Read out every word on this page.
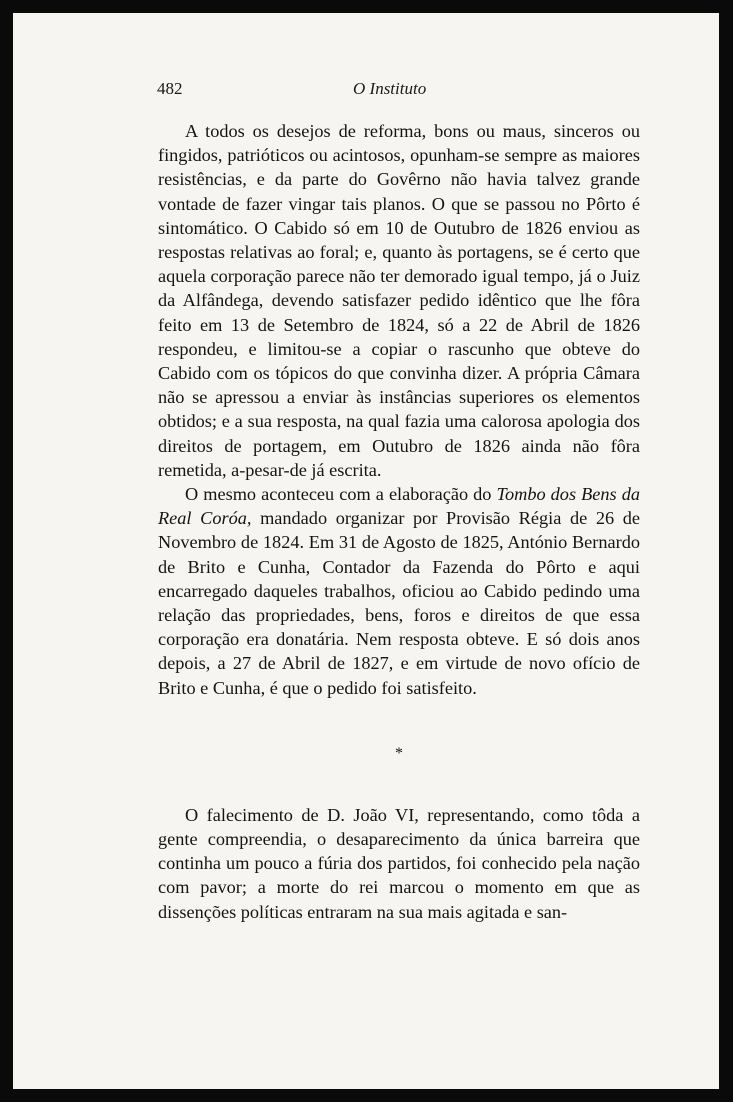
482	O Instituto

A todos os desejos de reforma, bons ou maus, sinceros ou fingidos, patrióticos ou acintosos, opunham-se sempre as maiores resistências, e da parte do Govêrno não havia talvez grande vontade de fazer vingar tais planos. O que se passou no Pôrto é sintomático. O Cabido só em 10 de Outubro de 1826 enviou as respostas relativas ao foral; e, quanto às portagens, se é certo que aquela corporação parece não ter demorado igual tempo, já o Juiz da Alfândega, devendo satisfazer pedido idêntico que lhe fôra feito em 13 de Setembro de 1824, só a 22 de Abril de 1826 respondeu, e limitou-se a copiar o rascunho que obteve do Cabido com os tópicos do que convinha dizer. A própria Câmara não se apressou a enviar às instâncias superiores os elementos obtidos; e a sua resposta, na qual fazia uma calorosa apologia dos direitos de portagem, em Outubro de 1826 ainda não fôra remetida, a-pesar-de já escrita.

O mesmo aconteceu com a elaboração do Tombo dos Bens da Real Coróa, mandado organizar por Provisão Régia de 26 de Novembro de 1824. Em 31 de Agosto de 1825, António Bernardo de Brito e Cunha, Contador da Fazenda do Pôrto e aqui encarregado daqueles trabalhos, oficiou ao Cabido pedindo uma relação das propriedades, bens, foros e direitos de que essa corporação era donatária. Nem resposta obteve. E só dois anos depois, a 27 de Abril de 1827, e em virtude de novo ofício de Brito e Cunha, é que o pedido foi satisfeito.

*

O falecimento de D. João VI, representando, como tôda a gente compreendia, o desaparecimento da única barreira que continha um pouco a fúria dos partidos, foi conhecido pela nação com pavor; a morte do rei marcou o momento em que as dissenções políticas entraram na sua mais agitada e san-
